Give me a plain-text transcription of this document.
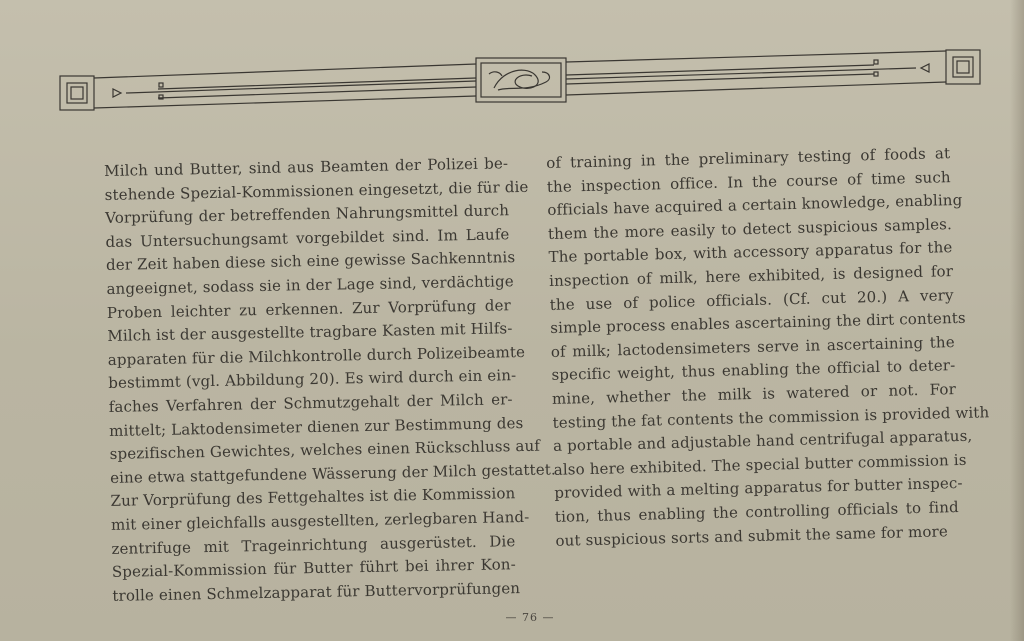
Milch und Butter, sind aus Beamten der Polizei be-
stehende Spezial-Kommissionen eingesetzt, die für die
Vorprüfung der betreffenden Nahrungsmittel durch
das Untersuchungsamt vorgebildet sind. Im Laufe
der Zeit haben diese sich eine gewisse Sachkenntnis
angeeignet, sodass sie in der Lage sind, verdächtige
Proben leichter zu erkennen. Zur Vorprüfung der
Milch ist der ausgestellte tragbare Kasten mit Hilfs-
apparaten für die Milchkontrolle durch Polizeibeamte
bestimmt (vgl. Abbildung 20). Es wird durch ein ein-
faches Verfahren der Schmutzgehalt der Milch er-
mittelt; Laktodensimeter dienen zur Bestimmung des
spezifischen Gewichtes, welches einen Rückschluss auf
eine etwa stattgefundene Wässerung der Milch gestattet.
Zur Vorprüfung des Fettgehaltes ist die Kommission
mit einer gleichfalls ausgestellten, zerlegbaren Hand-
zentrifuge mit Trageinrichtung ausgerüstet. Die
Spezial-Kommission für Butter führt bei ihrer Kon-
trolle einen Schmelzapparat für Buttervorprüfungen
of training in the preliminary testing of foods at
the inspection office. In the course of time such
officials have acquired a certain knowledge, enabling
them the more easily to detect suspicious samples.
The portable box, with accessory apparatus for the
inspection of milk, here exhibited, is designed for
the use of police officials. (Cf. cut 20.) A very
simple process enables ascertaining the dirt contents
of milk; lactodensimeters serve in ascertaining the
specific weight, thus enabling the official to deter-
mine, whether the milk is watered or not. For
testing the fat contents the commission is provided with
a portable and adjustable hand centrifugal apparatus,
also here exhibited. The special butter commission is
provided with a melting apparatus for butter inspec-
tion, thus enabling the controlling officials to find
out suspicious sorts and submit the same for more
— 76 —
